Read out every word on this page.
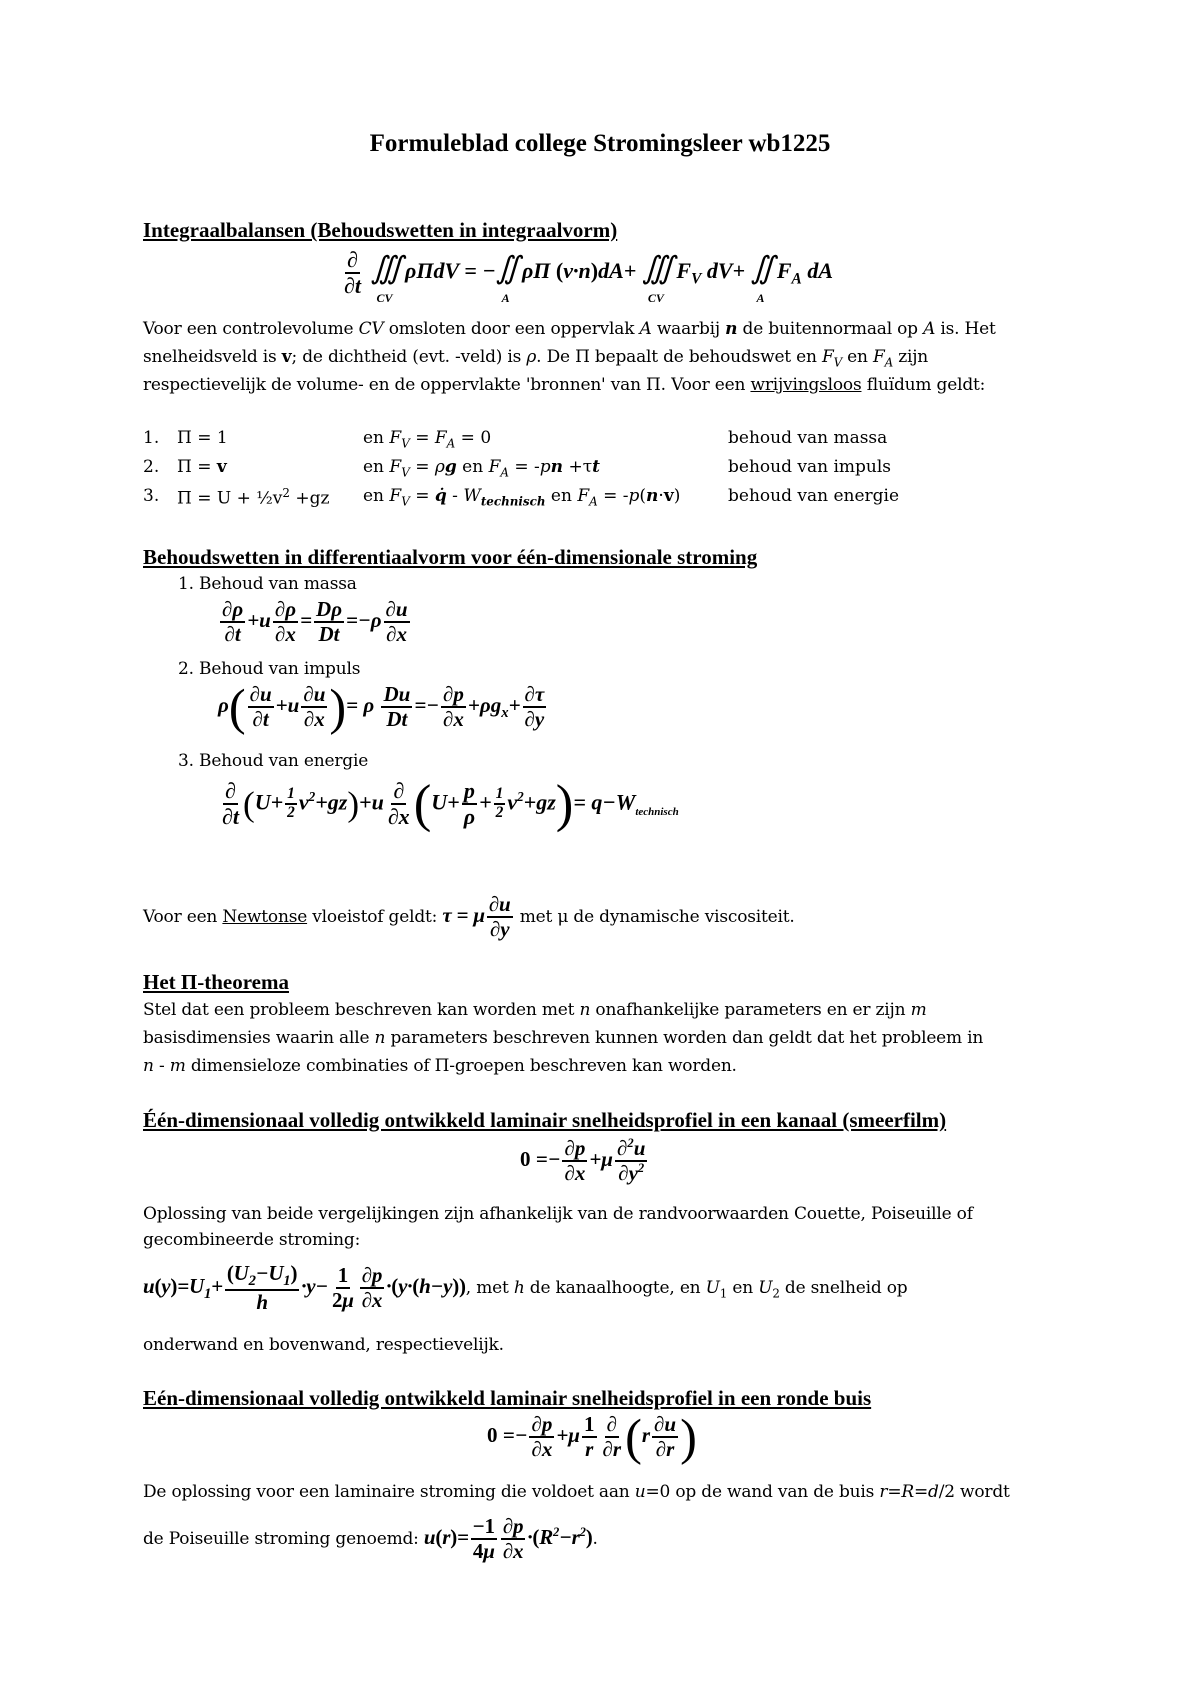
Formuleblad college Stromingsleer wb1225
Integraalbalansen (Behoudswetten in integraalvorm)
$\frac{\partial}{\partial t}$ ∭
CV
ρΠdV = −∬
A
ρΠ (v·n)dA+ ∭
CV
$F_V$ dV+ ∬
A
$F_A$ dA
Voor een controlevolume CV omsloten door een oppervlak A waarbij n de buitennormaal op A is. Het
snelheidsveld is v; de dichtheid (evt. -veld) is ρ. De Π bepaalt de behoudswet en $F_V$ en $F_A$ zijn
respectievelijk de volume- en de oppervlakte 'bronnen' van Π. Voor een wrijvingsloos fluïdum geldt:
1. Π = 1	en $F_V = F_A = 0$	behoud van massa
2. Π = v	en $F_V = \rho g$ en $F_A = -pn +\tau t$	behoud van impuls
3. $\Pi = U + \frac{1}{2}v^2 +gz$ en $F_V$ = q̇ - $W_{technisch}$ en $F_A = -p(n\cdot v)$	behoud van energie
Behoudswetten in differentiaalvorm voor één-dimensionale stroming
1. Behoud van massa
$\frac{\partial\rho}{\partial t} +u \frac{\partial\rho}{\partial x} = \frac{D\rho}{Dt} =-\rho \frac{\partial u}{\partial x}$
2. Behoud van impuls
$\rho( \frac{\partial u}{\partial t} +u \frac{\partial u}{\partial x}$ )= ρ $\frac{Du}{Dt} =- \frac{\partial p}{\partial x} +\rho g_x+ \frac{\partial\tau}{\partial y}$
3. Behoud van energie
$\frac{\partial}{\partial t} (U+ \frac{1}{2} v^2+gz)+u \frac{\partial}{\partial x} (U+ \frac{p}{\rho} + \frac{1}{2} v^2+gz)= q-W_{technisch}$
Voor een Newtonse vloeistof geldt: τ = μ $\frac{\partial u}{\partial y}$ met μ de dynamische viscositeit.
Het Π-theorema
Stel dat een probleem beschreven kan worden met n onafhankelijke parameters en er zijn m
basisdimensies waarin alle n parameters beschreven kunnen worden dan geldt dat het probleem in
n - m dimensieloze combinaties of Π-groepen beschreven kan worden.
Één-dimensionaal volledig ontwikkeld laminair snelheidsprofiel in een kanaal (smeerfilm)
$0 =- \frac{\partial p}{\partial x} +\mu \frac{\partial^2u}{\partial y^2}$
Oplossing van beide vergelijkingen zijn afhankelijk van de randvoorwaarden Couette, Poiseuille of
gecombineerde stroming:
$u(y)=U_1+ \frac{(U_2-U_1)}{h} \cdot y- \frac{1}{2\mu} \frac{\partial p}{\partial x} \cdot(y\cdot(h-y))$, met h de kanaalhoogte, en $U_1$ en $U_2$ de snelheid op
onderwand en bovenwand, respectievelijk.
Eén-dimensionaal volledig ontwikkeld laminair snelheidsprofiel in een ronde buis
$0 =- \frac{\partial p}{\partial x} +\mu \frac{1}{r} \frac{\partial}{\partial r} (r \frac{\partial u}{\partial r}$ )
De oplossing voor een laminaire stroming die voldoet aan u=0 op de wand van de buis r=R=d/2 wordt
de Poiseuille stroming genoemd: $u(r)= \frac{-1}{4\mu} \frac{\partial p}{\partial x} \cdot(R^2-r^2)$.
